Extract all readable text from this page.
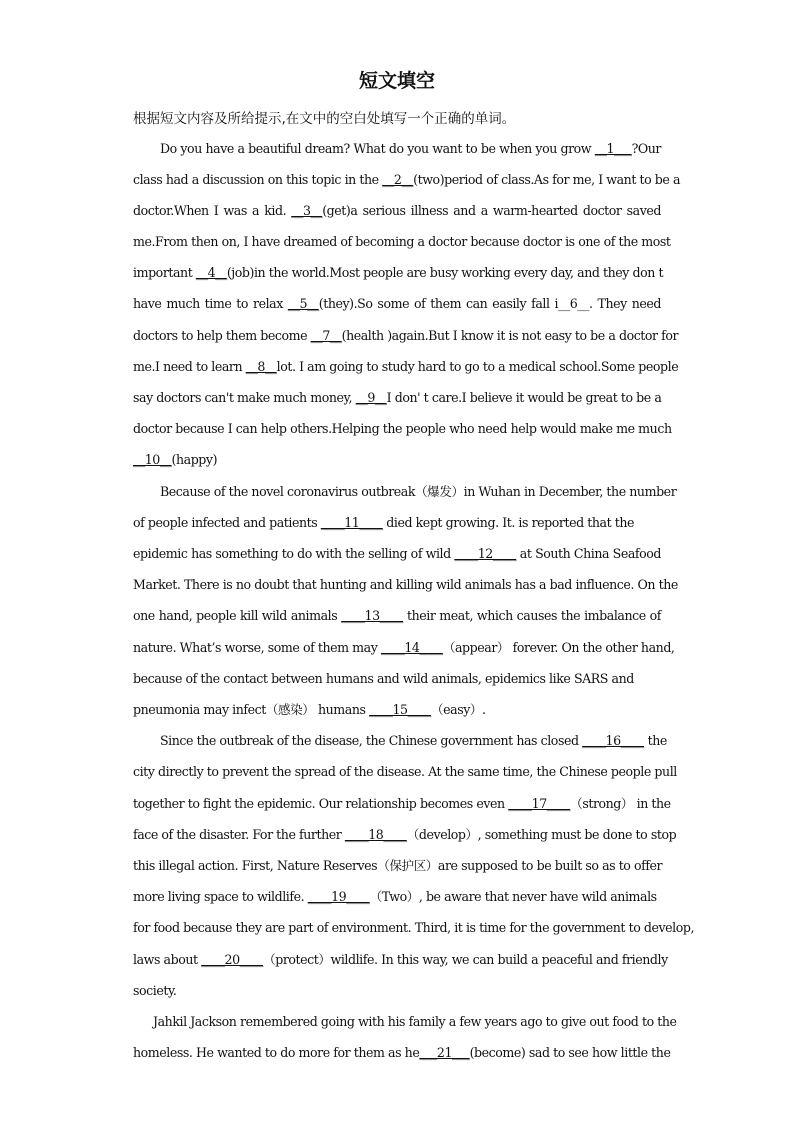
短文填空
根据短文内容及所给提示,在文中的空白处填写一个正确的单词。
Do you have a beautiful dream? What do you want to be when you grow __1___?Our
class had a discussion on this topic in the __2__(two)period of class.As for me, I want to be a
doctor.When I was a kid. __3__(get)a serious illness and a warm-hearted doctor saved
me.From then on, I have dreamed of becoming a doctor because doctor is one of the most
important __4__(job)in the world.Most people are busy working every day, and they don t
have much time to relax __5__(they).So some of them can easily fall i__6__. They need
doctors to help them become __7__(health )again.But I know it is not easy to be a doctor for
me.I need to learn __8__lot. I am going to study hard to go to a medical school.Some people
say doctors can't make much money, __9__I don' t care.I believe it would be great to be a
doctor because I can help others.Helping the people who need help would make me much
__10__(happy)
Because of the novel coronavirus outbreak（爆发）in Wuhan in December, the number
of people infected and patients ____11____ died kept growing. It. is reported that the
epidemic has something to do with the selling of wild ____12____ at South China Seafood
Market. There is no doubt that hunting and killing wild animals has a bad influence. On the
one hand, people kill wild animals ____13____ their meat, which causes the imbalance of
nature. What’s worse, some of them may ____14____（appear） forever. On the other hand,
because of the contact between humans and wild animals, epidemics like SARS and
pneumonia may infect（感染） humans ____15____（easy）.
Since the outbreak of the disease, the Chinese government has closed ____16____ the
city directly to prevent the spread of the disease. At the same time, the Chinese people pull
together to fight the epidemic. Our relationship becomes even ____17____（strong） in the
face of the disaster. For the further ____18____（develop）, something must be done to stop
this illegal action. First, Nature Reserves（保护区）are supposed to be built so as to offer
more living space to wildlife. ____19____（Two）, be aware that never have wild animals
for food because they are part of environment. Third, it is time for the government to develop,
laws about ____20____（protect）wildlife. In this way, we can build a peaceful and friendly
society.
Jahkil Jackson remembered going with his family a few years ago to give out food to the
homeless. He wanted to do more for them as he___21___(become) sad to see how little the
